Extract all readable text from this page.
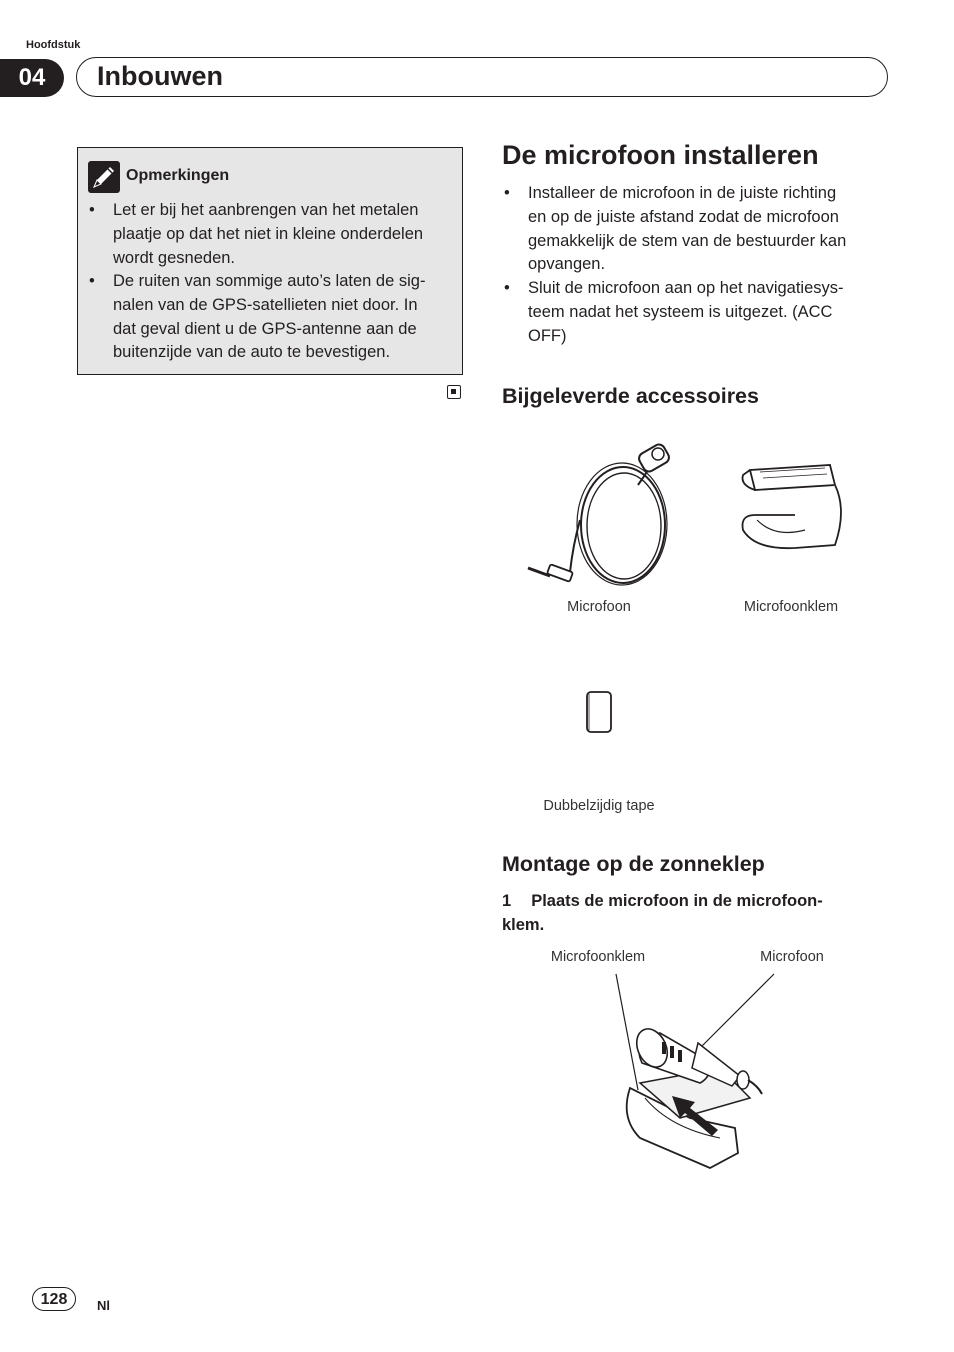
Hoofdstuk
04	Inbouwen
Opmerkingen
• Let er bij het aanbrengen van het metalen
plaatje op dat het niet in kleine onderdelen
wordt gesneden.
• De ruiten van sommige auto’s laten de sig-
nalen van de GPS-satellieten niet door. In
dat geval dient u de GPS-antenne aan de
buitenzijde van de auto te bevestigen.
De microfoon installeren
• Installeer de microfoon in de juiste richting
en op de juiste afstand zodat de microfoon
gemakkelijk de stem van de bestuurder kan
opvangen.
• Sluit de microfoon aan op het navigatiesys-
teem nadat het systeem is uitgezet. (ACC
OFF)
Bijgeleverde accessoires
Microfoon	Microfoonklem
Dubbelzijdig tape
Montage op de zonneklep
1 Plaats de microfoon in de microfoon-
klem.
Microfoonklem	Microfoon
128	Nl
